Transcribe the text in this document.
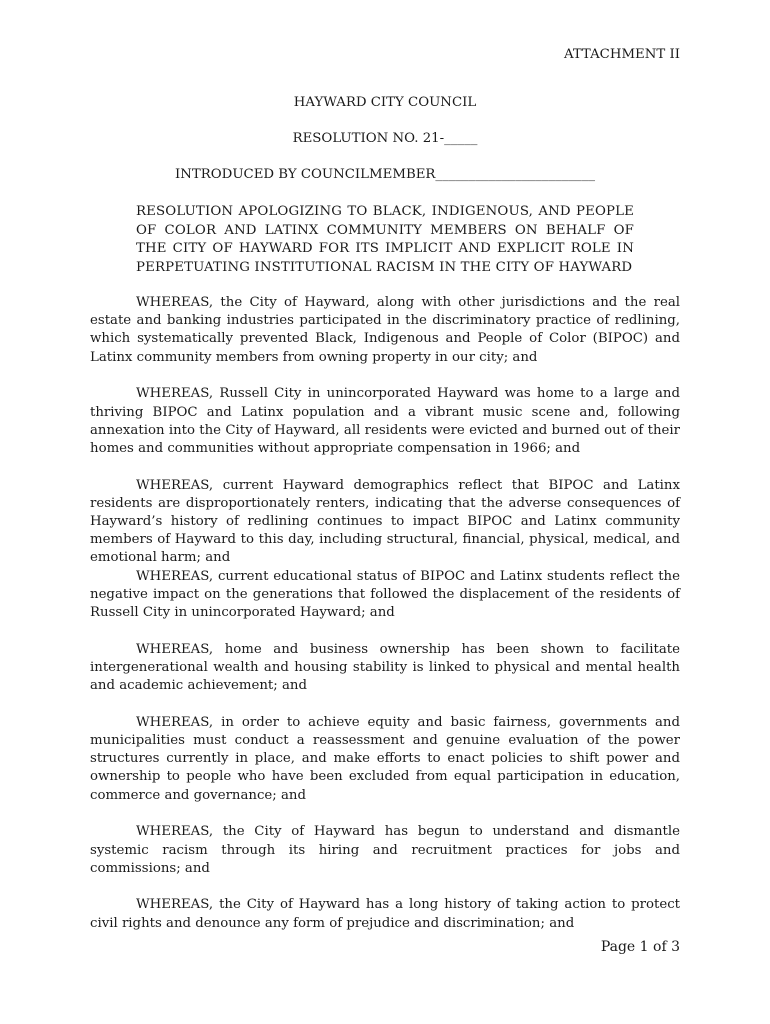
ATTACHMENT II

HAYWARD CITY COUNCIL

RESOLUTION NO. 21-_____

INTRODUCED BY COUNCILMEMBER________________________

RESOLUTION APOLOGIZING TO BLACK, INDIGENOUS, AND PEOPLE OF COLOR AND LATINX COMMUNITY MEMBERS ON BEHALF OF THE CITY OF HAYWARD FOR ITS IMPLICIT AND EXPLICIT ROLE IN PERPETUATING INSTITUTIONAL RACISM IN THE CITY OF HAYWARD

WHEREAS, the City of Hayward, along with other jurisdictions and the real estate and banking industries participated in the discriminatory practice of redlining, which systematically prevented Black, Indigenous and People of Color (BIPOC) and Latinx community members from owning property in our city; and

WHEREAS, Russell City in unincorporated Hayward was home to a large and thriving BIPOC and Latinx population and a vibrant music scene and, following annexation into the City of Hayward, all residents were evicted and burned out of their homes and communities without appropriate compensation in 1966; and

WHEREAS, current Hayward demographics reflect that BIPOC and Latinx residents are disproportionately renters, indicating that the adverse consequences of Hayward’s history of redlining continues to impact BIPOC and Latinx community members of Hayward to this day, including structural, financial, physical, medical, and emotional harm; and

WHEREAS, current educational status of BIPOC and Latinx students reflect the negative impact on the generations that followed the displacement of the residents of Russell City in unincorporated Hayward; and

WHEREAS, home and business ownership has been shown to facilitate intergenerational wealth and housing stability is linked to physical and mental health and academic achievement; and

WHEREAS, in order to achieve equity and basic fairness, governments and municipalities must conduct a reassessment and genuine evaluation of the power structures currently in place, and make efforts to enact policies to shift power and ownership to people who have been excluded from equal participation in education, commerce and governance; and

WHEREAS, the City of Hayward has begun to understand and dismantle systemic racism through its hiring and recruitment practices for jobs and commissions; and

WHEREAS, the City of Hayward has a long history of taking action to protect civil rights and denounce any form of prejudice and discrimination; and

Page 1 of 3
